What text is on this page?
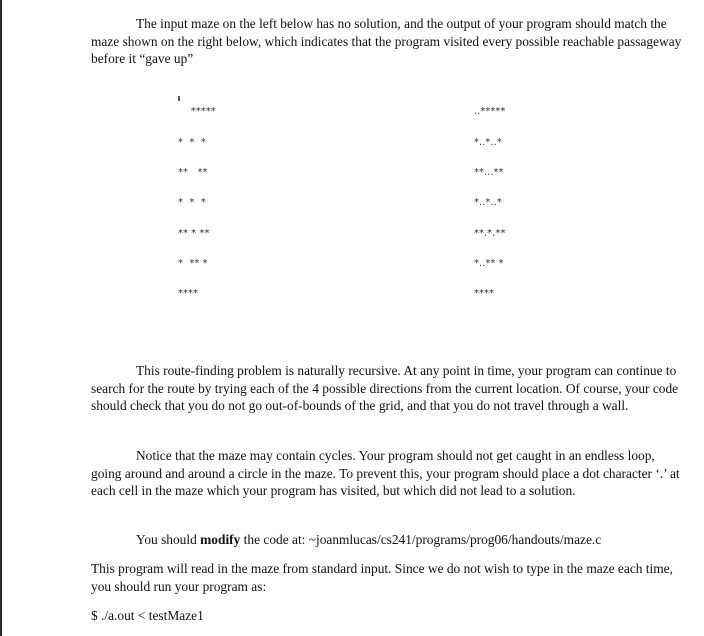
The input maze on the left below has no solution, and the output of your program should match the maze shown on the right below, which indicates that the program visited every possible reachable passageway before it “gave up”

*****
*  *  *
**   **
*  *  *
** * **
*  ** *
****
..*****
*..*..*
**...**
*..*..*
**.*.**
*..** *
****

This route-finding problem is naturally recursive. At any point in time, your program can continue to search for the route by trying each of the 4 possible directions from the current location. Of course, your code should check that you do not go out-of-bounds of the grid, and that you do not travel through a wall.

Notice that the maze may contain cycles. Your program should not get caught in an endless loop, going around and around a circle in the maze. To prevent this, your program should place a dot character ‘.’ at each cell in the maze which your program has visited, but which did not lead to a solution.

You should modify the code at: ~joanmlucas/cs241/programs/prog06/handouts/maze.c

This program will read in the maze from standard input. Since we do not wish to type in the maze each time, you should run your program as:

$ ./a.out < testMaze1
